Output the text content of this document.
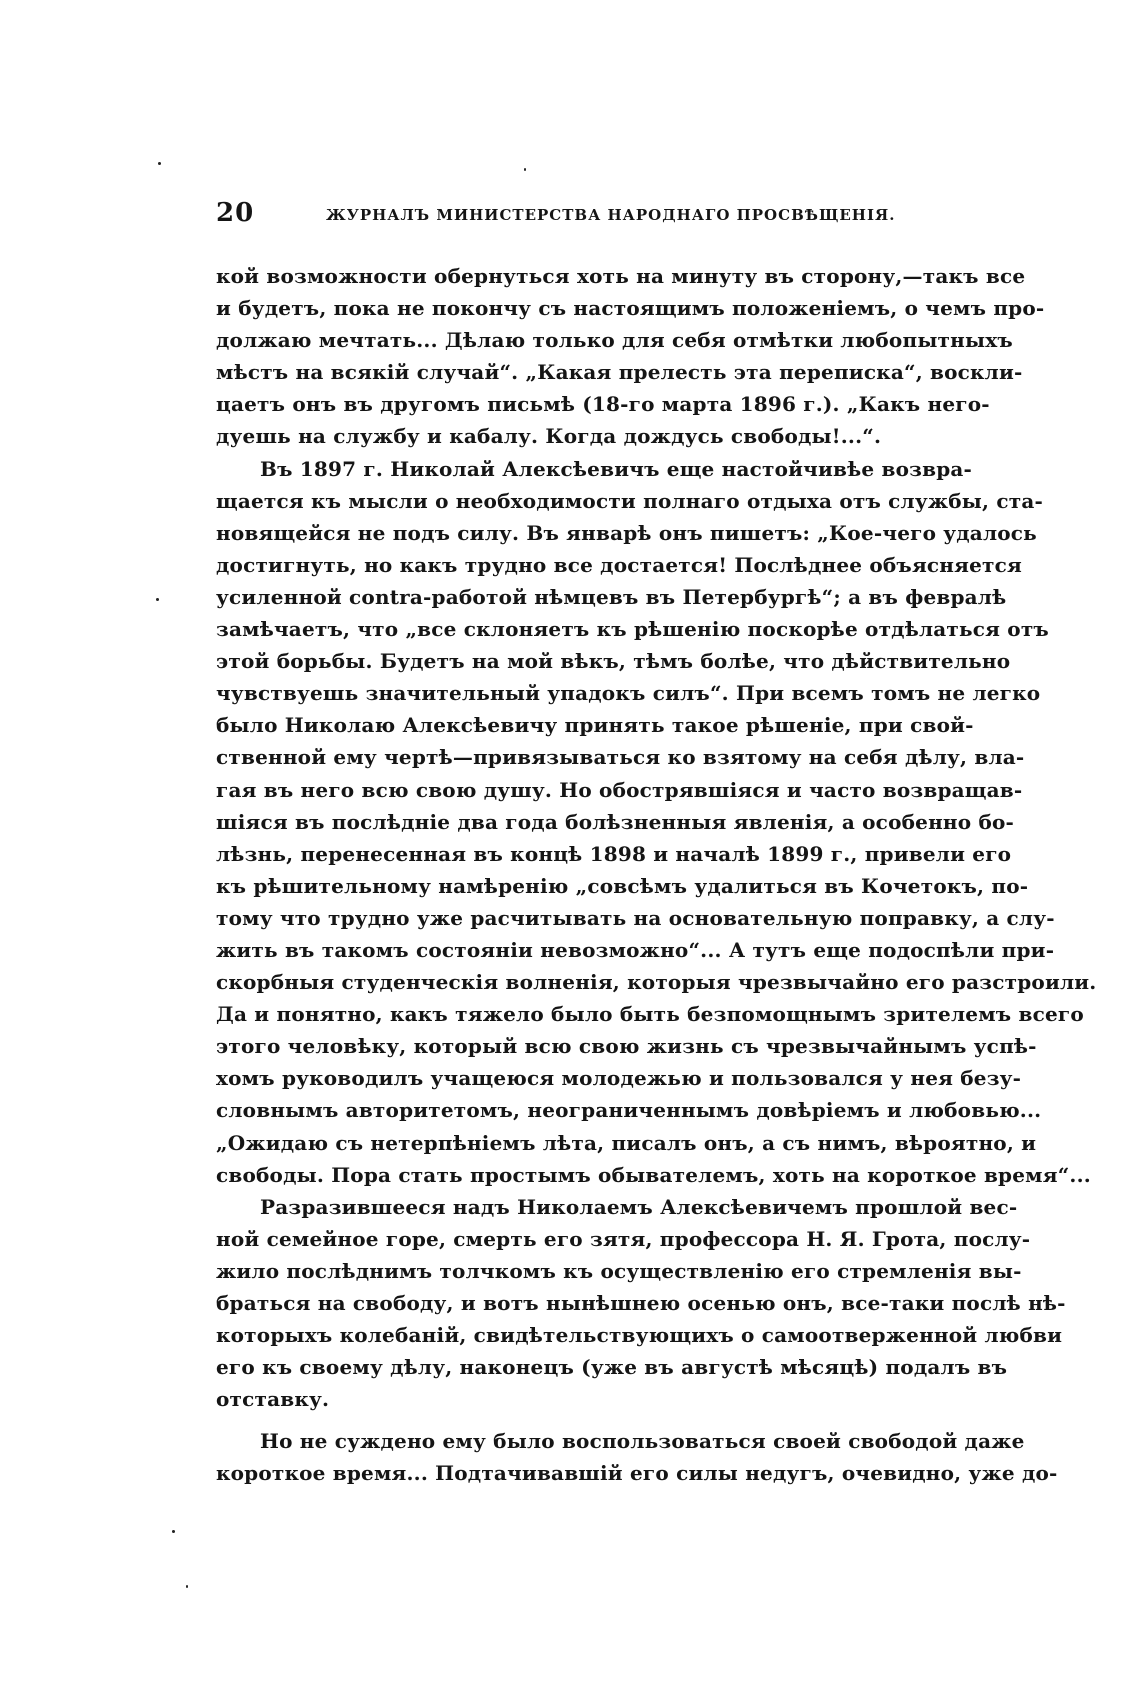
20	ЖУРНАЛЪ МИНИСТЕРСТВА НАРОДНАГО ПРОСВѢЩЕНІЯ.
кой возможности обернуться хоть на минуту въ сторону,—такъ все
и будетъ, пока не покончу съ настоящимъ положеніемъ, о чемъ про-
должаю мечтать... Дѣлаю только для себя отмѣтки любопытныхъ
мѣстъ на всякій случай“. „Какая прелесть эта переписка“, воскли-
цаетъ онъ въ другомъ письмѣ (18-го марта 1896 г.). „Какъ него-
дуешь на службу и кабалу. Когда дождусь свободы!...“.
Въ 1897 г. Николай Алексѣевичъ еще настойчивѣе возвра-
щается къ мысли о необходимости полнаго отдыха отъ службы, ста-
новящейся не подъ силу. Въ январѣ онъ пишетъ: „Кое-чего удалось
достигнуть, но какъ трудно все достается! Послѣднее объясняется
усиленной contra-работой нѣмцевъ въ Петербургѣ“; а въ февралѣ
замѣчаетъ, что „все склоняетъ къ рѣшенію поскорѣе отдѣлаться отъ
этой борьбы. Будетъ на мой вѣкъ, тѣмъ болѣе, что дѣйствительно
чувствуешь значительный упадокъ силъ“. При всемъ томъ не легко
было Николаю Алексѣевичу принять такое рѣшеніе, при свой-
ственной ему чертѣ—привязываться ко взятому на себя дѣлу, вла-
гая въ него всю свою душу. Но обострявшіяся и часто возвращав-
шіяся въ послѣдніе два года болѣзненныя явленія, а особенно бо-
лѣзнь, перенесенная въ концѣ 1898 и началѣ 1899 г., привели его
къ рѣшительному намѣренію „совсѣмъ удалиться въ Кочетокъ, по-
тому что трудно уже расчитывать на основательную поправку, а слу-
жить въ такомъ состояніи невозможно“... А тутъ еще подоспѣли при-
скорбныя студенческія волненія, которыя чрезвычайно его разстроили.
Да и понятно, какъ тяжело было быть безпомощнымъ зрителемъ всего
этого человѣку, который всю свою жизнь съ чрезвычайнымъ успѣ-
хомъ руководилъ учащеюся молодежью и пользовался у нея безу-
словнымъ авторитетомъ, неограниченнымъ довѣріемъ и любовью...
„Ожидаю съ нетерпѣніемъ лѣта, писалъ онъ, а съ нимъ, вѣроятно, и
свободы. Пора стать простымъ обывателемъ, хоть на короткое время“...
Разразившееся надъ Николаемъ Алексѣевичемъ прошлой вес-
ной семейное горе, смерть его зятя, профессора Н. Я. Грота, послу-
жило послѣднимъ толчкомъ къ осуществленію его стремленія вы-
браться на свободу, и вотъ нынѣшнею осенью онъ, все-таки послѣ нѣ-
которыхъ колебаній, свидѣтельствующихъ о самоотверженной любви
его къ своему дѣлу, наконецъ (уже въ августѣ мѣсяцѣ) подалъ въ
отставку.
Но не суждено ему было воспользоваться своей свободой даже
короткое время... Подтачивавшій его силы недугъ, очевидно, уже до-
